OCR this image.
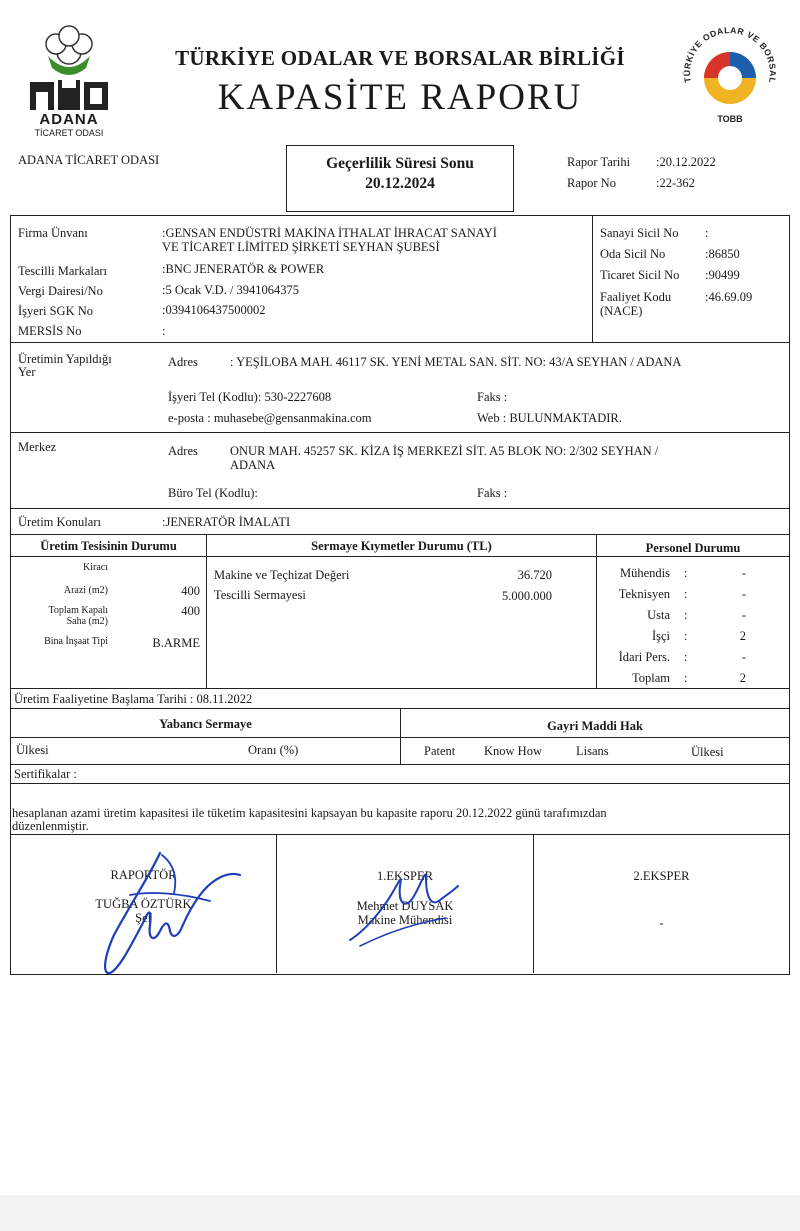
ADANA
TİCARET ODASI
TÜRKİYE ODALAR VE BORSALAR BİRLİĞİ
KAPASİTE RAPORU	TÜRKİYE ODALAR VE BORSAL
TOBB
ADANA TİCARET ODASI	Geçerlilik Süresi Sonu
20.12.2024
Rapor Tarihi :20.12.2022
Rapor No	:22-362
Firma Ünvanı	:GENSAN ENDÜSTRİ MAKİNA İTHALAT İHRACAT SANAYİ
VE TİCARET LİMİTED ŞİRKETİ SEYHAN ŞUBESİ
Tescilli Markaları	:BNC JENERATÖR & POWER
Vergi Dairesi/No	:5 Ocak V.D. / 3941064375
İşyeri SGK No	:0394106437500002
MERSİS No	:
Sanayi Sicil No :
Oda Sicil No	:86850
Ticaret Sicil No :90499
Faaliyet Kodu	:46.69.09
(NACE)
Üretimin Yapıldığı
Yer
Adres	: YEŞİLOBA MAH. 46117 SK. YENİ METAL SAN. SİT. NO: 43/A SEYHAN / ADANA
İşyeri Tel (Kodlu): 530-2227608	Faks :
e-posta : muhasebe@gensanmakina.com	Web : BULUNMAKTADIR.
Merkez	Adres	ONUR MAH. 45257 SK. KİZA İŞ MERKEZİ SİT. A5 BLOK NO: 2/302 SEYHAN /
ADANA
Büro Tel (Kodlu):	Faks :
Üretim Konuları	:JENERATÖR İMALATI
Üretim Tesisinin Durumu	Sermaye Kıymetler Durumu (TL)	Personel Durumu
Kiracı
Arazi (m2)	400
Toplam Kapalı
Saha (m2)
400
Bina İnşaat Tipi	B.ARME
Makine ve Teçhizat Değeri	36.720
Tescilli Sermayesi	5.000.000
Mühendis :	-
Teknisyen :	-
Usta :	-
İşçi :	2
İdari Pers. :	-
Toplam :	2
Üretim Faaliyetine Başlama Tarihi : 08.11.2022
Yabancı Sermaye	Gayri Maddi Hak
Ülkesi	Oranı (%)	Patent Know How	Lisans	Ülkesi
Sertifikalar :
hesaplanan azami üretim kapasitesi ile tüketim kapasitesini kapsayan bu kapasite raporu 20.12.2022 günü tarafımızdan
düzenlenmiştir.
RAPORTÖR
TUĞBA ÖZTÜRK
Şef
1.EKSPER
Mehmet DUYSAK
Makine Mühendisi
2.EKSPER
-
